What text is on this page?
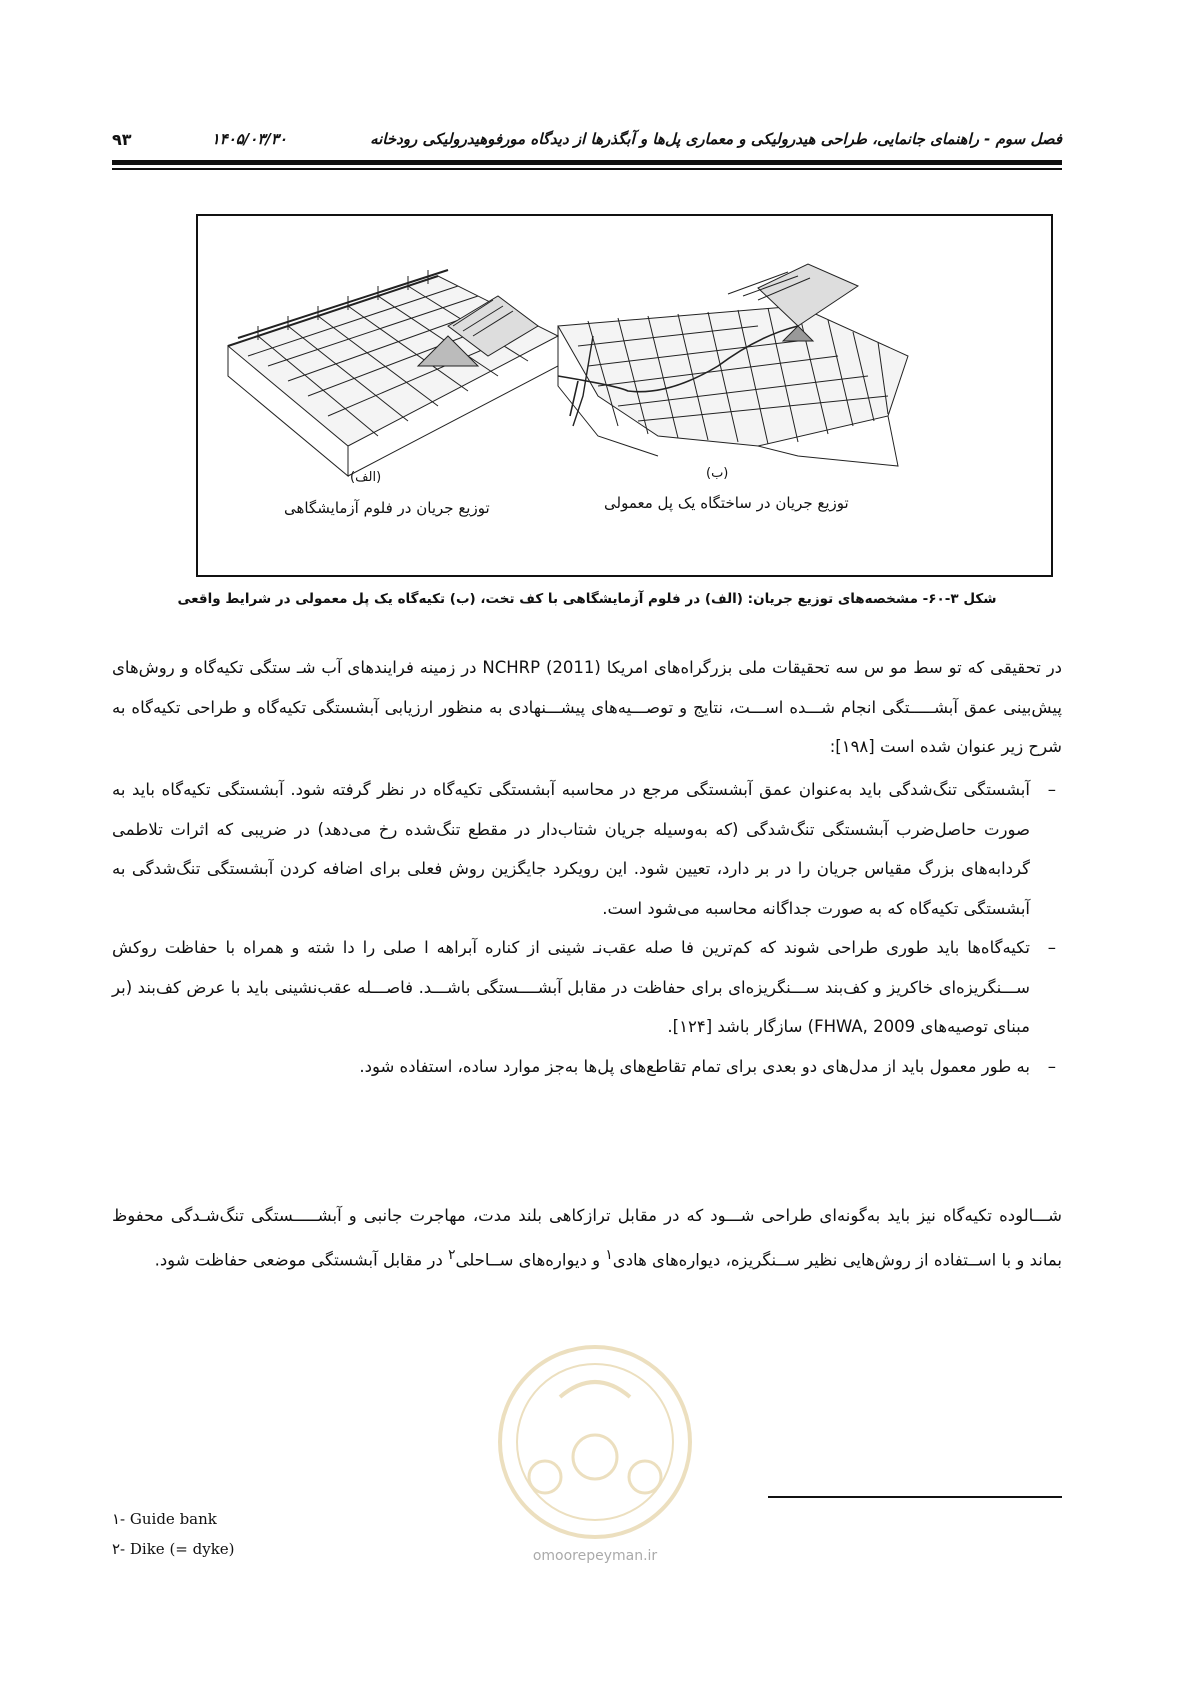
فصل سوم - راهنمای جانمایی، طراحی هیدرولیکی و معماری پل‌ها و آبگذرها از دیدگاه مورفوهیدرولیکی رودخانه
۱۴۰۵/۰۳/۳۰
۹۳
(ب)
توزیع جریان در ساختگاه یک پل معمولی
(الف)
توزیع جریان در فلوم آزمایشگاهی
شکل ۳-۶۰- مشخصه‌های توزیع جریان: (الف) در فلوم آزمایشگاهی با کف تخت، (ب) تکیه‌گاه یک پل معمولی در شرایط واقعی
در تحقیقی که تو سط مو س سه تحقیقات ملی بزرگراه‌های امریکا (NCHRP (2011 در زمینه فرایندهای آب شـ ستگی تکیه‌گاه و روش‌های پیش‌بینی عمق آبشـــــتگی انجام شـــده اســـت، نتایج و توصـــیه‌های پیشـــنهادی به منظور ارزیابی آبشستگی تکیه‌گاه و طراحی تکیه‌گاه به شرح زیر عنوان شده است [۱۹۸]:
–
آبشستگی تنگ‌شدگی باید به‌عنوان عمق آبشستگی مرجع در محاسبه آبشستگی تکیه‌گاه در نظر گرفته شود. آبشستگی تکیه‌گاه باید به صورت حاصل‌ضرب آبشستگی تنگ‌شدگی (که به‌وسیله جریان شتاب‌دار در مقطع تنگ‌شده رخ می‌دهد) در ضریبی که اثرات تلاطمی گردابه‌های بزرگ مقیاس جریان را در بر دارد، تعیین شود. این رویکرد جایگزین روش فعلی برای اضافه کردن آبشستگی تنگ‌شدگی به آبشستگی تکیه‌گاه که به صورت جداگانه محاسبه می‌شود است.
–
تکیه‌گاه‌ها باید طوری طراحی شوند که کم‌ترین فا صله عقب‌نـ شینی از کناره آبراهه ا صلی را دا شته و همراه با حفاظت روکش ســـنگریزه‌ای خاکریز و کف‌بند ســـنگریزه‌ای برای حفاظت در مقابل آبشــــستگی باشـــد. فاصـــله عقب‌نشینی باید با عرض کف‌بند (بر مبنای توصیه‌های FHWA, 2009) سازگار باشد [۱۲۴].
–
به طور معمول باید از مدل‌های دو بعدی برای تمام تقاطع‌های پل‌ها به‌جز موارد ساده، استفاده شود.
شـــالوده تکیه‌گاه نیز باید به‌گونه‌ای طراحی شـــود که در مقابل ترازکاهی بلند مدت، مهاجرت جانبی و آبشـــــستگی تنگ‌شـدگی محفوظ بماند و با اســتفاده از روش‌هایی نظیر ســنگریزه، دیواره‌های هادی$^۱$ و دیواره‌های ســاحلی$^۲$ در مقابل آبشستگی موضعی حفاظت شود.
omoorepeyman.ir
۱- Guide bank
۲- Dike (= dyke)
